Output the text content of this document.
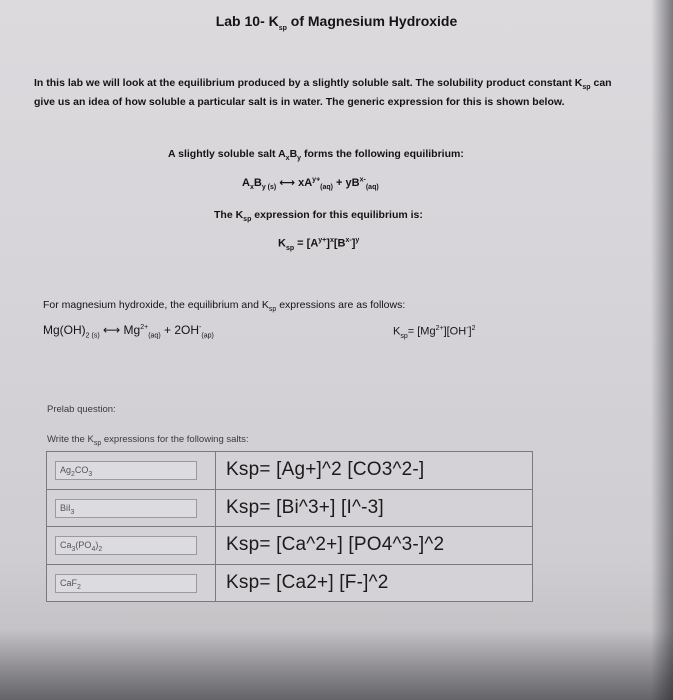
Lab 10- $K_{sp}$ of Magnesium Hydroxide
In this lab we will look at the equilibrium produced by a slightly soluble salt. The solubility product constant $K_{sp}$ can give us an idea of how soluble a particular salt is in water. The generic expression for this is shown below.
A slightly soluble salt $A_xB_y$ forms the following equilibrium:
$A_xB_{y (s)}$ ⟷ $xA^{y+}_{(aq)} + yB^{x-}_{(aq)}$
The $K_{sp}$ expression for this equilibrium is:
$K_{sp} = [A^{y+}]^x[B^{x-}]^y$
For magnesium hydroxide, the equilibrium and $K_{sp}$ expressions are as follows:
$Mg(OH)_{2 (s)}$ ⟷ $Mg^{2+}_{(aq)} + 2OH^-_{(ap)}$	$K_{sp}= [Mg^{2+}][OH^-]^2$
Prelab question:
Write the $K_{sp}$ expressions for the following salts:
$Ag_2CO_3$	Ksp= [Ag+]^2 [CO3^2-]
BiI$_3$	Ksp= [Bi^3+] [I^-3]
$Ca_3(PO_4)_2$	Ksp= [Ca^2+] [PO4^3-]^2
CaF$_2$	Ksp= [Ca2+] [F-]^2
